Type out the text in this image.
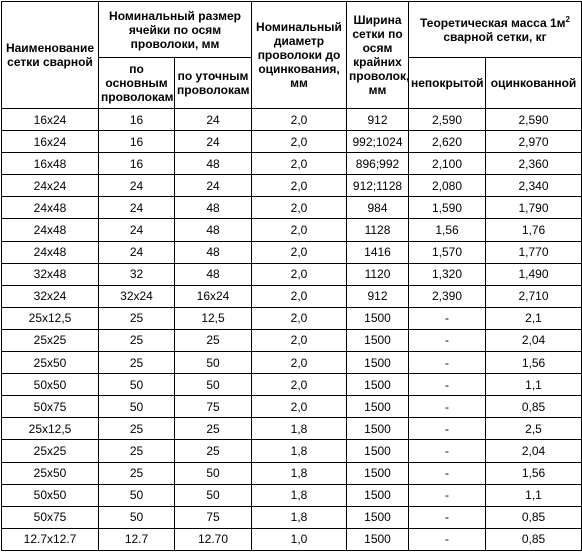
Наименование сетки сварной	Номинальный размер ячейки по осям проволоки, мм		Номинальный диаметр проволоки до оцинкования, мм	Ширина сетки по осям крайних проволок, мм	Теоретическая масса $1м^2$ сварной сетки, кг	
	по основным проволокам	по уточным проволокам			непокрытой	оцинкованной
16x24	16	24	2,0	912	2,590	2,590
16x24	16	24	2,0	992;1024	2,620	2,970
16x48	16	48	2,0	896;992	2,100	2,360
24x24	24	24	2,0	912;1128	2,080	2,340
24x48	24	48	2,0	984	1,590	1,790
24x48	24	48	2,0	1128	1,56	1,76
24x48	24	48	2,0	1416	1,570	1,770
32x48	32	48	2,0	1120	1,320	1,490
32x24	32x24	16x24	2,0	912	2,390	2,710
25x12,5	25	12,5	2,0	1500	-	2,1
25x25	25	25	2,0	1500	-	2,04
25x50	25	50	2,0	1500	-	1,56
50x50	50	50	2,0	1500	-	1,1
50x75	50	75	2,0	1500	-	0,85
25x12,5	25	25	1,8	1500	-	2,5
25x25	25	25	1,8	1500	-	2,04
25x50	25	50	1,8	1500	-	1,56
50x50	50	50	1,8	1500	-	1,1
50x75	50	75	1,8	1500	-	0,85
12.7x12.7	12.7	12.70	1,0	1500	-	0,85
